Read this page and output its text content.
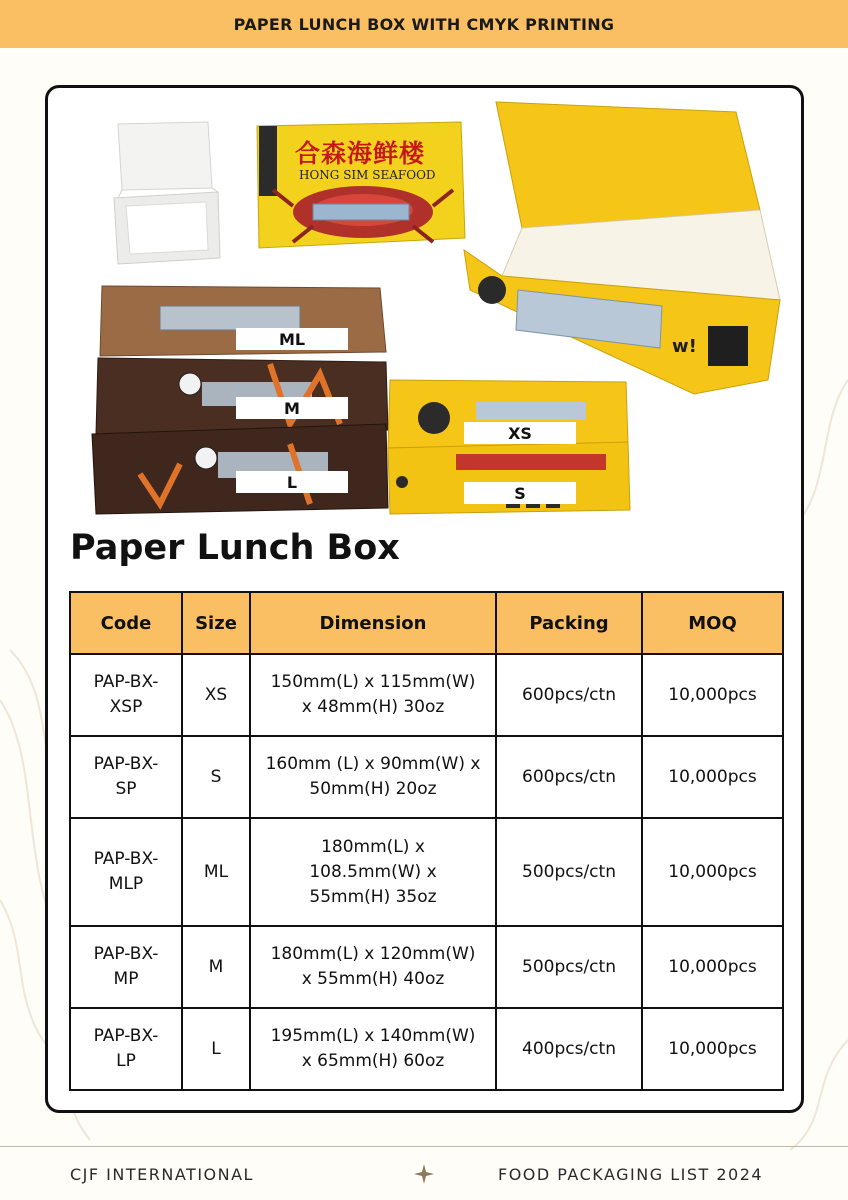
PAPER LUNCH BOX WITH CMYK PRINTING
合森海鲜楼
HONG SIM SEAFOOD
w!
ML
M
L
XS
S
Paper Lunch Box
Code	Size	Dimension	Packing	MOQ

PAP-BX-XSP	XS	150mm(L) x 115mm(W) x 48mm(H) 30oz	600pcs/ctn	10,000pcs

PAP-BX-SP	S	160mm (L) x 90mm(W) x 50mm(H) 20oz	600pcs/ctn	10,000pcs

PAP-BX-MLP	ML	180mm(L) x 108.5mm(W) x 55mm(H) 35oz	500pcs/ctn	10,000pcs

PAP-BX-MP	M	180mm(L) x 120mm(W) x 55mm(H) 40oz	500pcs/ctn	10,000pcs

PAP-BX-LP	L	195mm(L) x 140mm(W) x 65mm(H) 60oz	400pcs/ctn	10,000pcs
CJF INTERNATIONAL	FOOD PACKAGING LIST 2024
